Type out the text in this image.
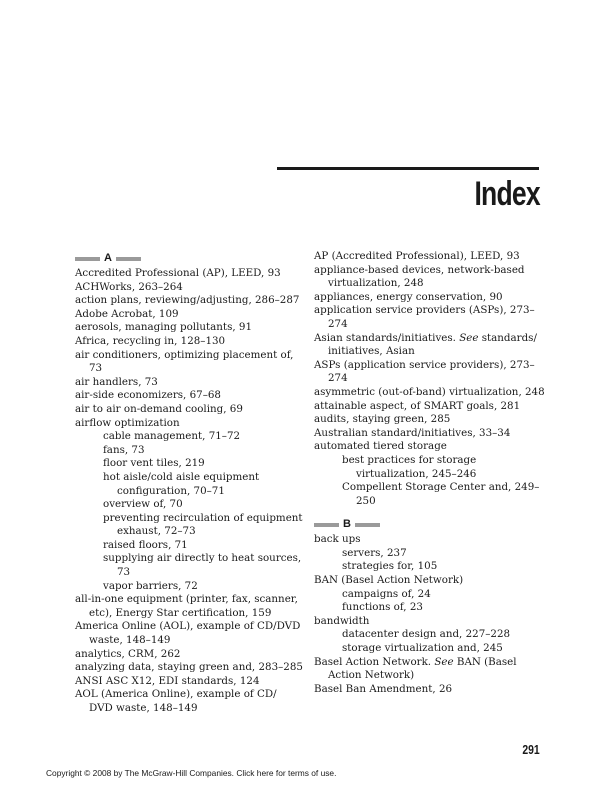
Index
A
Accredited Professional (AP), LEED, 93
ACHWorks, 263–264
action plans, reviewing/adjusting, 286–287
Adobe Acrobat, 109
aerosols, managing pollutants, 91
Africa, recycling in, 128–130
air conditioners, optimizing placement of, 73
air handlers, 73
air-side economizers, 67–68
air to air on-demand cooling, 69
airflow optimization
cable management, 71–72
fans, 73
floor vent tiles, 219
hot aisle/cold aisle equipment configuration, 70–71
overview of, 70
preventing recirculation of equipment exhaust, 72–73
raised floors, 71
supplying air directly to heat sources, 73
vapor barriers, 72
all-in-one equipment (printer, fax, scanner, etc), Energy Star certification, 159
America Online (AOL), example of CD/DVD waste, 148–149
analytics, CRM, 262
analyzing data, staying green and, 283–285
ANSI ASC X12, EDI standards, 124
AOL (America Online), example of CD/ DVD waste, 148–149
AP (Accredited Professional), LEED, 93
appliance-based devices, network-based virtualization, 248
appliances, energy conservation, 90
application service providers (ASPs), 273–274
Asian standards/initiatives. See standards/ initiatives, Asian
ASPs (application service providers), 273–274
asymmetric (out-of-band) virtualization, 248
attainable aspect, of SMART goals, 281
audits, staying green, 285
Australian standard/initiatives, 33–34
automated tiered storage
best practices for storage virtualization, 245–246
Compellent Storage Center and, 249–250
B
back ups
servers, 237
strategies for, 105
BAN (Basel Action Network)
campaigns of, 24
functions of, 23
bandwidth
datacenter design and, 227–228
storage virtualization and, 245
Basel Action Network. See BAN (Basel Action Network)
Basel Ban Amendment, 26
291
Copyright © 2008 by The McGraw-Hill Companies. Click here for terms of use.
